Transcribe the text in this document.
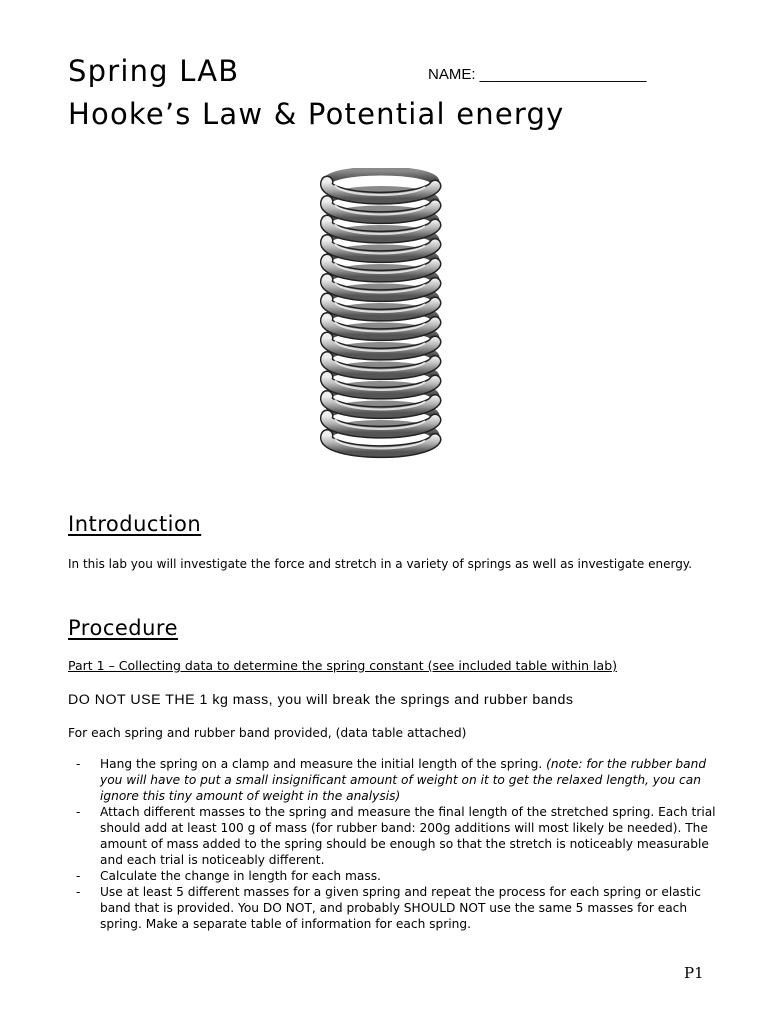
Spring LAB	NAME: ____________________
Hooke’s Law & Potential energy
Introduction
In this lab you will investigate the force and stretch in a variety of springs as well as investigate energy.
Procedure
Part 1 – Collecting data to determine the spring constant (see included table within lab)
DO NOT USE THE 1 kg mass, you will break the springs and rubber bands
For each spring and rubber band provided, (data table attached)
- Hang the spring on a clamp and measure the initial length of the spring. (note: for the rubber band you will have to put a small insignificant amount of weight on it to get the relaxed length, you can ignore this tiny amount of weight in the analysis)
- Attach different masses to the spring and measure the final length of the stretched spring. Each trial should add at least 100 g of mass (for rubber band: 200g additions will most likely be needed). The amount of mass added to the spring should be enough so that the stretch is noticeably measurable and each trial is noticeably different.
- Calculate the change in length for each mass.
- Use at least 5 different masses for a given spring and repeat the process for each spring or elastic band that is provided. You DO NOT, and probably SHOULD NOT use the same 5 masses for each spring. Make a separate table of information for each spring.
P1
